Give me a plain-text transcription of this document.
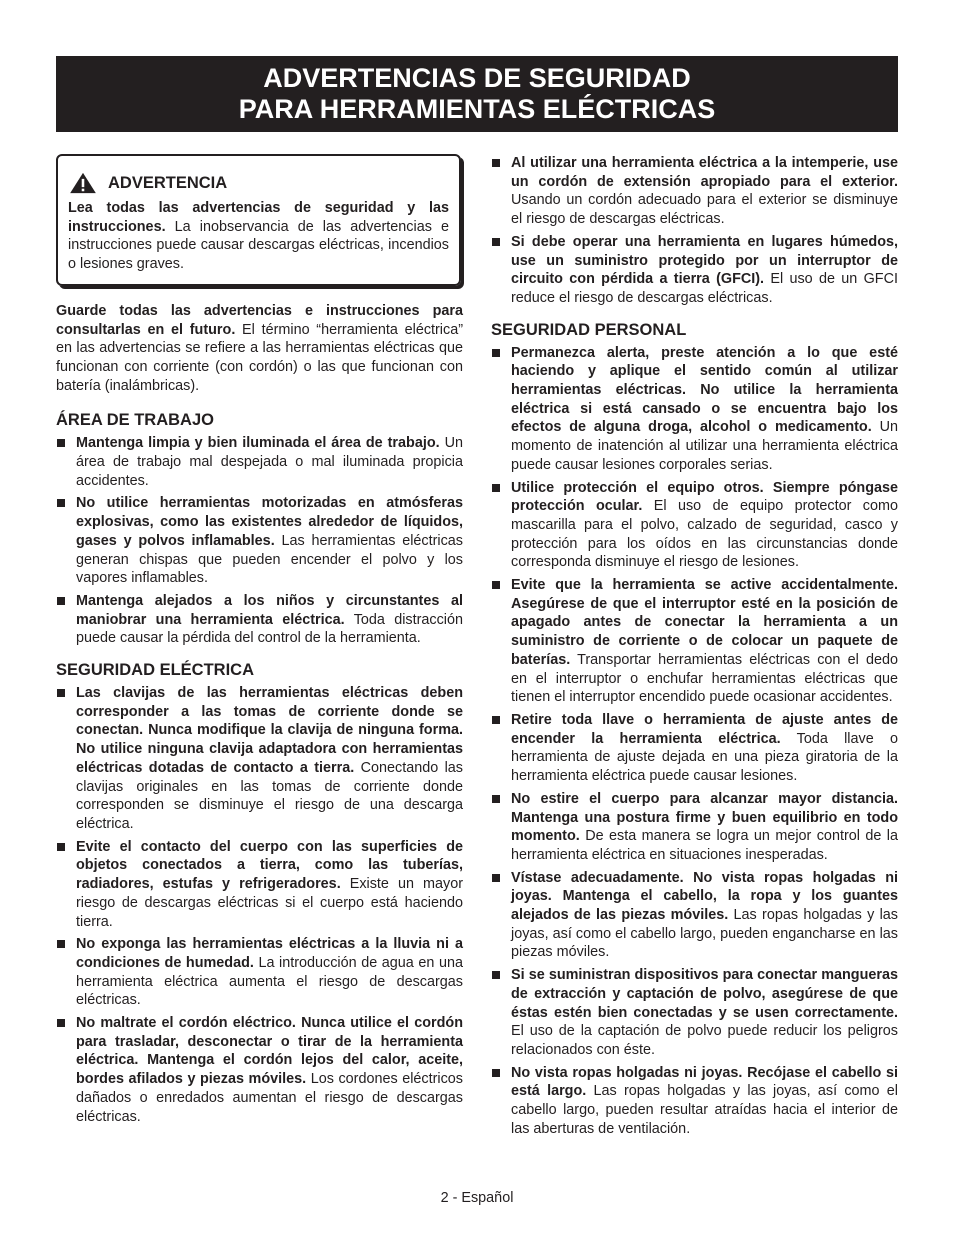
ADVERTENCIAS DE SEGURIDAD
PARA HERRAMIENTAS ELÉCTRICAS
ADVERTENCIA

Lea todas las advertencias de seguridad y las instrucciones. La inobservancia de las advertencias e instrucciones puede causar descargas eléctricas, incendios o lesiones graves.

Guarde todas las advertencias e instrucciones para consultarlas en el futuro. El término “herramienta eléctrica” en las advertencias se refiere a las herramientas eléctricas que funcionan con corriente (con cordón) o las que funcionan con batería (inalámbricas).

ÁREA DE TRABAJO
Mantenga limpia y bien iluminada el área de trabajo. Un área de trabajo mal despejada o mal iluminada propicia accidentes.
No utilice herramientas motorizadas en atmósferas explosivas, como las existentes alrededor de líquidos, gases y polvos inflamables. Las herramientas eléctricas generan chispas que pueden encender el polvo y los vapores inflamables.
Mantenga alejados a los niños y circunstantes al maniobrar una herramienta eléctrica. Toda distracción puede causar la pérdida del control de la herramienta.
SEGURIDAD ELÉCTRICA
Las clavijas de las herramientas eléctricas deben corresponder a las tomas de corriente donde se conectan. Nunca modifique la clavija de ninguna forma. No utilice ninguna clavija adaptadora con herramientas eléctricas dotadas de contacto a tierra. Conectando las clavijas originales en las tomas de corriente donde corresponden se disminuye el riesgo de una descarga eléctrica.
Evite el contacto del cuerpo con las superficies de objetos conectados a tierra, como las tuberías, radiadores, estufas y refrigeradores. Existe un mayor riesgo de descargas eléctricas si el cuerpo está haciendo tierra.
No exponga las herramientas eléctricas a la lluvia ni a condiciones de humedad. La introducción de agua en una herramienta eléctrica aumenta el riesgo de descargas eléctricas.
No maltrate el cordón eléctrico. Nunca utilice el cordón para trasladar, desconectar o tirar de la herramienta eléctrica. Mantenga el cordón lejos del calor, aceite, bordes afilados y piezas móviles. Los cordones eléctricos dañados o enredados aumentan el riesgo de descargas eléctricas.
Al utilizar una herramienta eléctrica a la intemperie, use un cordón de extensión apropiado para el exterior. Usando un cordón adecuado para el exterior se disminuye el riesgo de descargas eléctricas.
Si debe operar una herramienta en lugares húmedos, use un suministro protegido por un interruptor de circuito con pérdida a tierra (GFCI). El uso de un GFCI reduce el riesgo de descargas eléctricas.
SEGURIDAD PERSONAL
Permanezca alerta, preste atención a lo que esté haciendo y aplique el sentido común al utilizar herramientas eléctricas. No utilice la herramienta eléctrica si está cansado o se encuentra bajo los efectos de alguna droga, alcohol o medicamento. Un momento de inatención al utilizar una herramienta eléctrica puede causar lesiones corporales serias.
Utilice protección el equipo otros. Siempre póngase protección ocular. El uso de equipo protector como mascarilla para el polvo, calzado de seguridad, casco y protección para los oídos en las circunstancias donde corresponda disminuye el riesgo de lesiones.
Evite que la herramienta se active accidentalmente. Asegúrese de que el interruptor esté en la posición de apagado antes de conectar la herramienta a un suministro de corriente o de colocar un paquete de baterías. Transportar herramientas eléctricas con el dedo en el interruptor o enchufar herramientas eléctricas que tienen el interruptor encendido puede ocasionar accidentes.
Retire toda llave o herramienta de ajuste antes de encender la herramienta eléctrica. Toda llave o herramienta de ajuste dejada en una pieza giratoria de la herramienta eléctrica puede causar lesiones.
No estire el cuerpo para alcanzar mayor distancia. Mantenga una postura firme y buen equilibrio en todo momento. De esta manera se logra un mejor control de la herramienta eléctrica en situaciones inesperadas.
Vístase adecuadamente. No vista ropas holgadas ni joyas. Mantenga el cabello, la ropa y los guantes alejados de las piezas móviles. Las ropas holgadas y las joyas, así como el cabello largo, pueden engancharse en las piezas móviles.
Si se suministran dispositivos para conectar mangueras de extracción y captación de polvo, asegúrese de que éstas estén bien conectadas y se usen correctamente. El uso de la captación de polvo puede reducir los peligros relacionados con éste.
No vista ropas holgadas ni joyas. Recójase el cabello si está largo. Las ropas holgadas y las joyas, así como el cabello largo, pueden resultar atraídas hacia el interior de las aberturas de ventilación.
2 - Español
